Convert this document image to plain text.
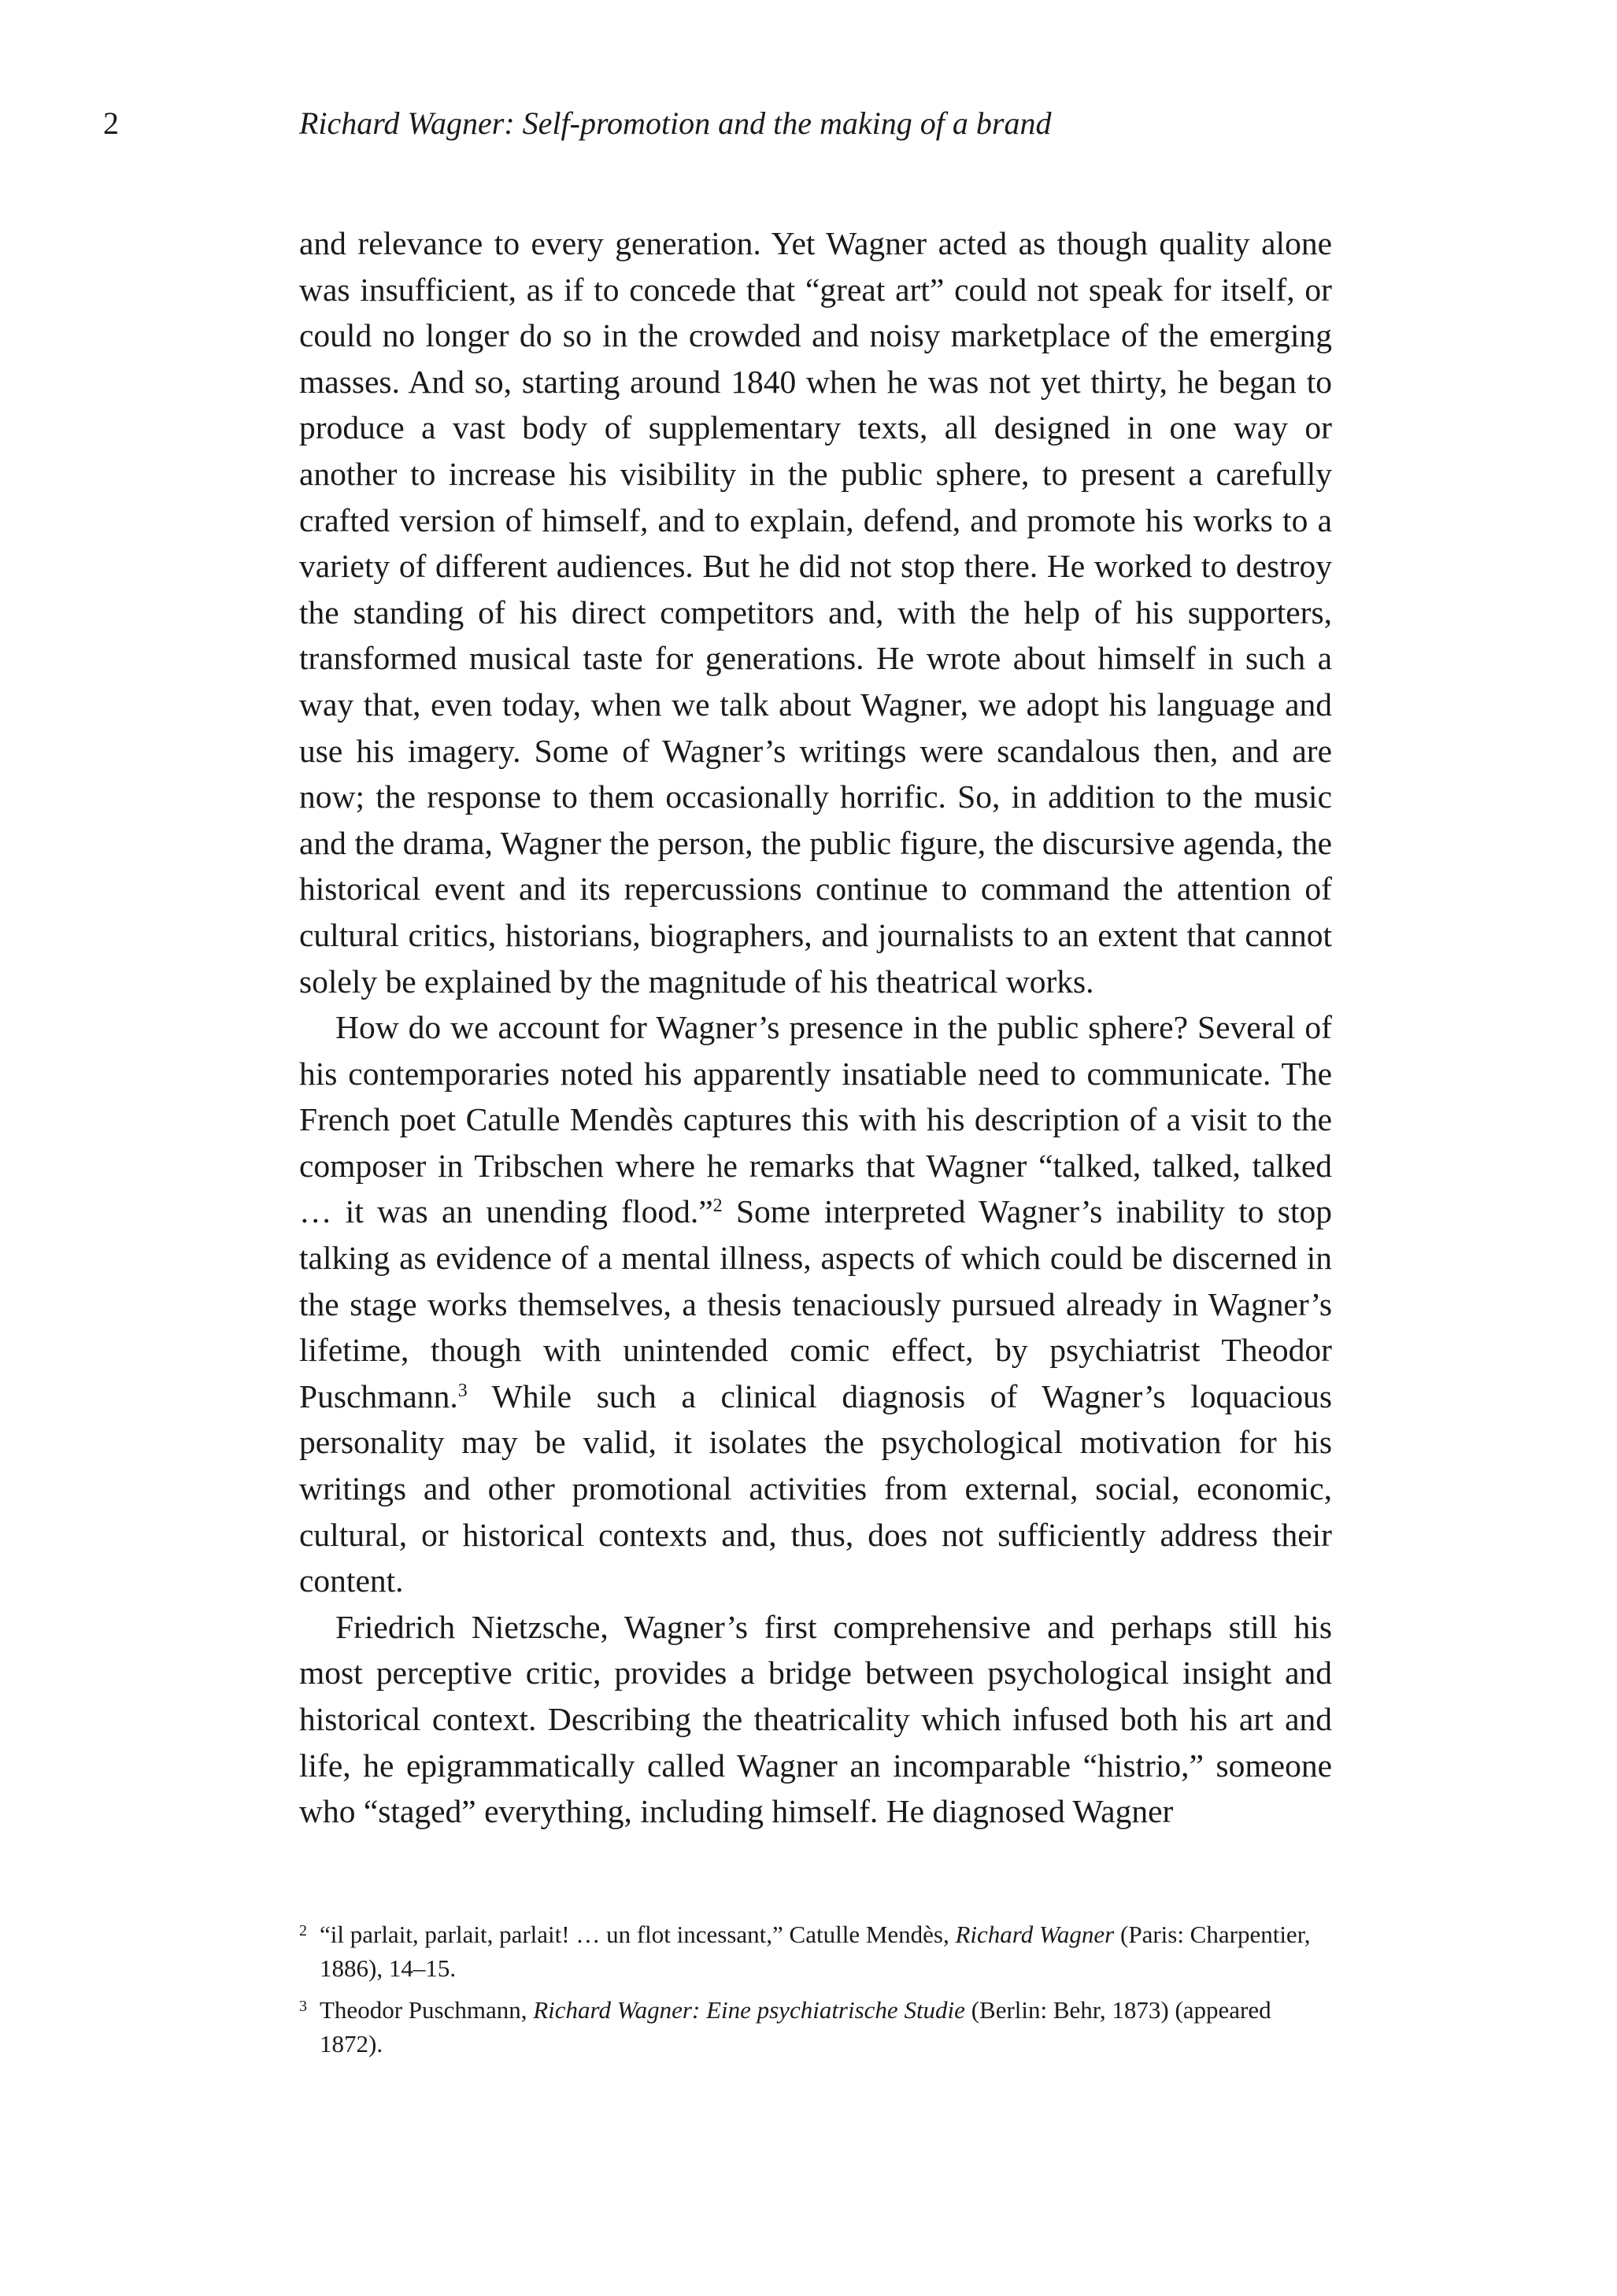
2	Richard Wagner: Self-promotion and the making of a brand

and relevance to every generation. Yet Wagner acted as though quality alone was insufficient, as if to concede that “great art” could not speak for itself, or could no longer do so in the crowded and noisy marketplace of the emerging masses. And so, starting around 1840 when he was not yet thirty, he began to produce a vast body of supplementary texts, all designed in one way or another to increase his visibility in the public sphere, to present a carefully crafted version of himself, and to explain, defend, and promote his works to a variety of different audiences. But he did not stop there. He worked to destroy the standing of his direct competitors and, with the help of his supporters, transformed musical taste for generations. He wrote about himself in such a way that, even today, when we talk about Wagner, we adopt his language and use his imagery. Some of Wagner’s writings were scandalous then, and are now; the response to them occasionally horrific. So, in addition to the music and the drama, Wagner the person, the public figure, the discursive agenda, the historical event and its repercussions continue to command the attention of cultural critics, historians, biographers, and journalists to an extent that cannot solely be explained by the magnitude of his theatrical works.

How do we account for Wagner’s presence in the public sphere? Several of his contemporaries noted his apparently insatiable need to communicate. The French poet Catulle Mendès captures this with his description of a visit to the composer in Tribschen where he remarks that Wagner “talked, talked, talked … it was an unending flood.”$^2$ Some interpreted Wagner’s inability to stop talking as evidence of a mental illness, aspects of which could be discerned in the stage works themselves, a thesis tenaciously pursued already in Wagner’s lifetime, though with unintended comic effect, by psychiatrist Theodor Puschmann.$^3$ While such a clinical diagnosis of Wagner’s loquacious personality may be valid, it isolates the psychological motivation for his writings and other promotional activities from external, social, economic, cultural, or historical contexts and, thus, does not sufficiently address their content.

Friedrich Nietzsche, Wagner’s first comprehensive and perhaps still his most perceptive critic, provides a bridge between psychological insight and historical context. Describing the theatricality which infused both his art and life, he epigrammatically called Wagner an incomparable “histrio,” someone who “staged” everything, including himself. He diagnosed Wagner

2 “il parlait, parlait, parlait! … un flot incessant,” Catulle Mendès, Richard Wagner (Paris: Charpentier, 1886), 14–15.

3 Theodor Puschmann, Richard Wagner: Eine psychiatrische Studie (Berlin: Behr, 1873) (appeared 1872).
